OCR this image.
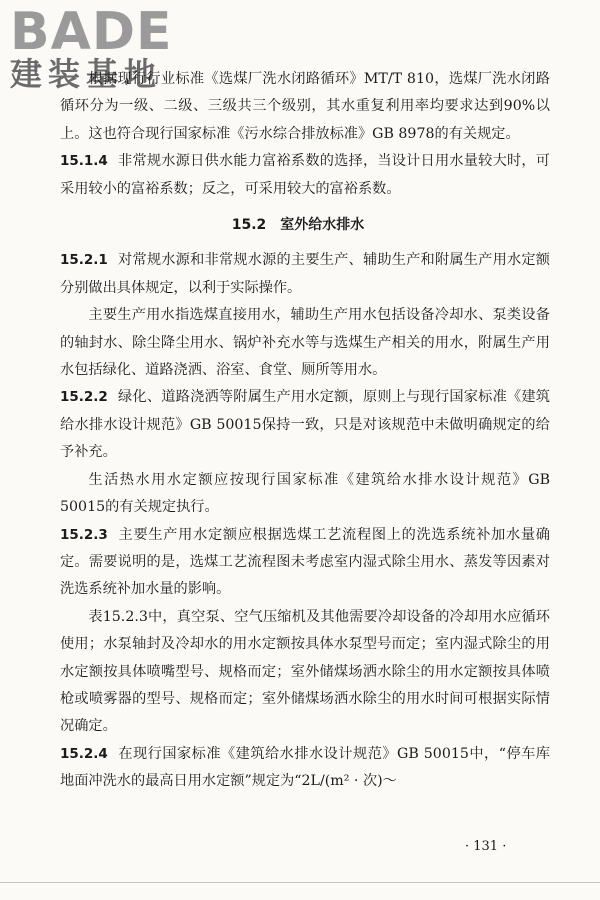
BADE
建装基地

根据现行行业标准《选煤厂洗水闭路循环》MT/T 810，选煤厂洗水闭路循环分为一级、二级、三级共三个级别，其水重复利用率均要求达到90%以上。这也符合现行国家标准《污水综合排放标准》GB 8978的有关规定。

15.1.4 非常规水源日供水能力富裕系数的选择，当设计日用水量较大时，可采用较小的富裕系数；反之，可采用较大的富裕系数。

15.2 室外给水排水

15.2.1 对常规水源和非常规水源的主要生产、辅助生产和附属生产用水定额分别做出具体规定，以利于实际操作。

主要生产用水指选煤直接用水，辅助生产用水包括设备冷却水、泵类设备的轴封水、除尘降尘用水、锅炉补充水等与选煤生产相关的用水，附属生产用水包括绿化、道路浇洒、浴室、食堂、厕所等用水。

15.2.2 绿化、道路浇洒等附属生产用水定额，原则上与现行国家标准《建筑给水排水设计规范》GB 50015保持一致，只是对该规范中未做明确规定的给予补充。

生活热水用水定额应按现行国家标准《建筑给水排水设计规范》GB 50015的有关规定执行。

15.2.3 主要生产用水定额应根据选煤工艺流程图上的洗选系统补加水量确定。需要说明的是，选煤工艺流程图未考虑室内湿式除尘用水、蒸发等因素对洗选系统补加水量的影响。

表15.2.3中，真空泵、空气压缩机及其他需要冷却设备的冷却用水应循环使用；水泵轴封及冷却水的用水定额按具体水泵型号而定；室内湿式除尘的用水定额按具体喷嘴型号、规格而定；室外储煤场洒水除尘的用水定额按具体喷枪或喷雾器的型号、规格而定；室外储煤场洒水除尘的用水时间可根据实际情况确定。

15.2.4 在现行国家标准《建筑给水排水设计规范》GB 50015中，“停车库地面冲洗水的最高日用水定额”规定为“2L/(m² · 次)～

· 131 ·
